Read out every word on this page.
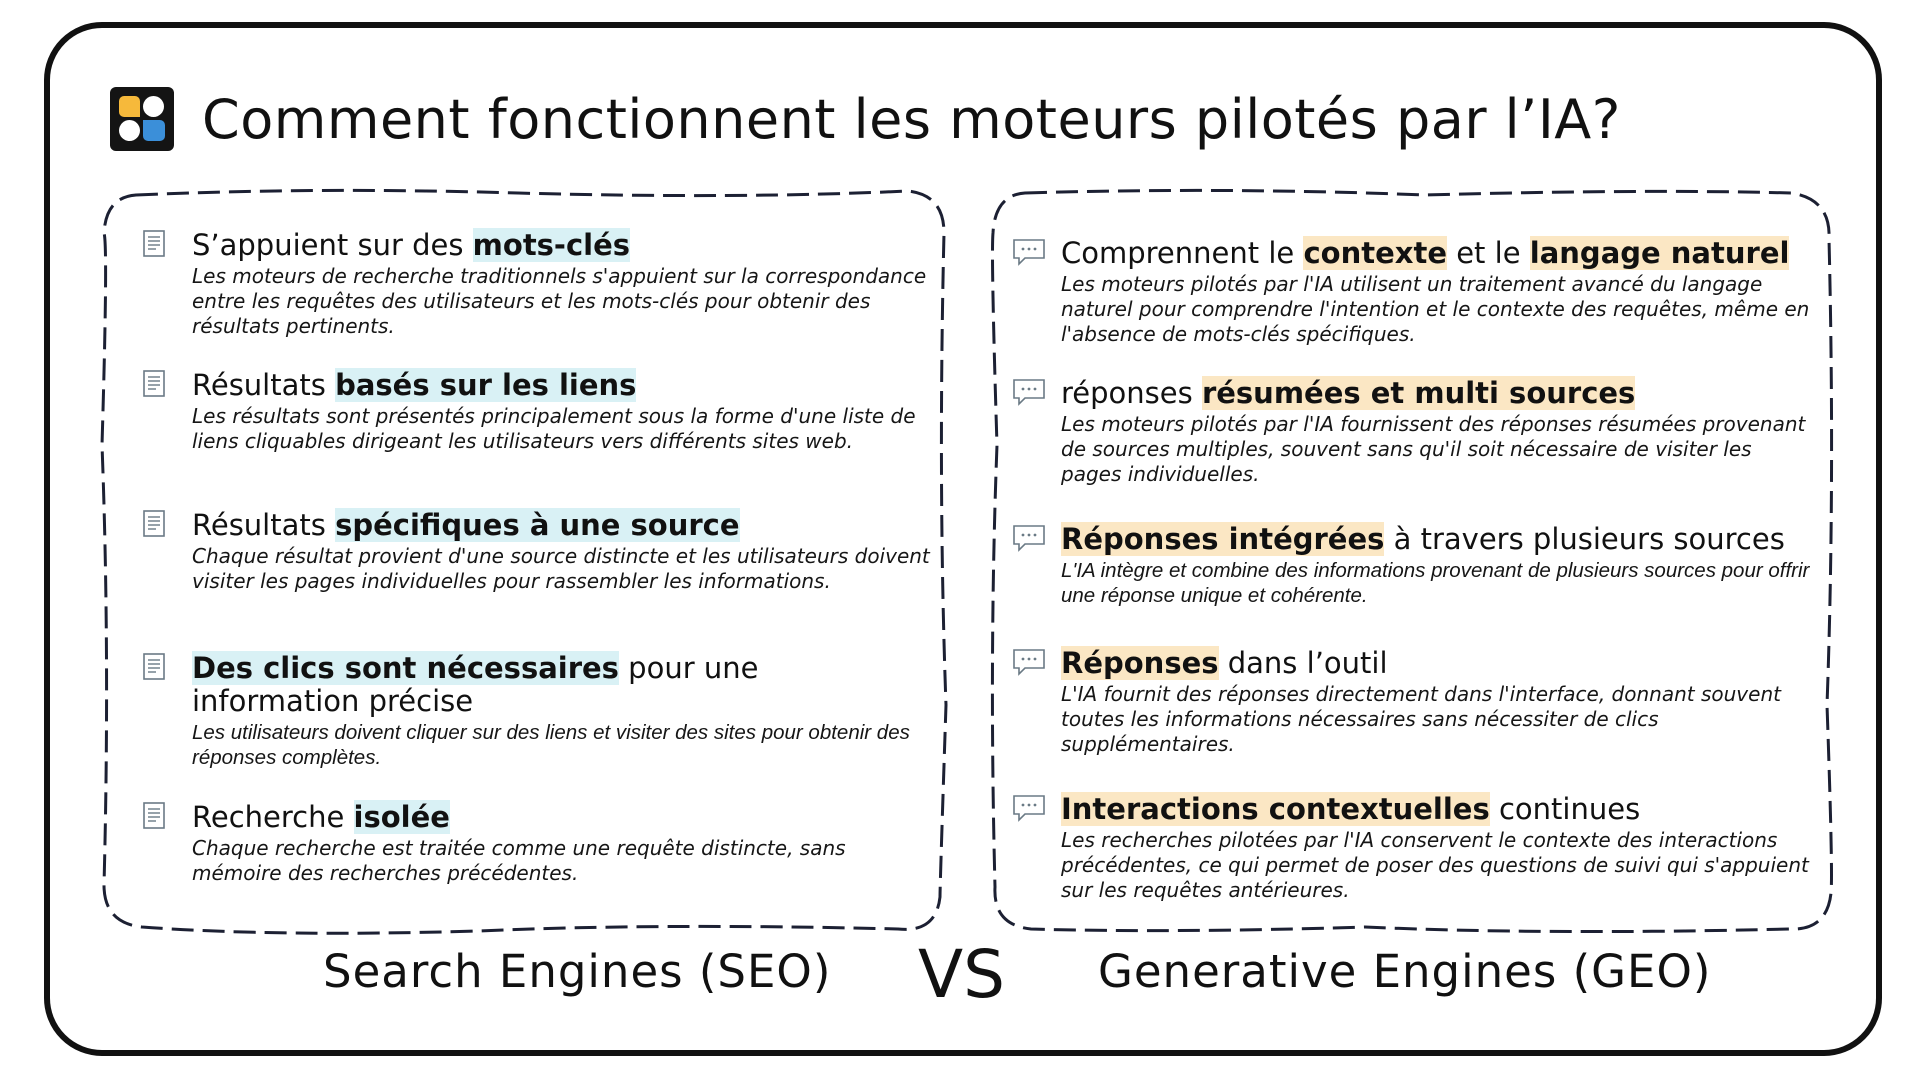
Comment fonctionnent les moteurs pilotés par l’IA?
S’appuient sur des mots-clés
Les moteurs de recherche traditionnels s'appuient sur la correspondance entre les requêtes des utilisateurs et les mots-clés pour obtenir des résultats pertinents.
Résultats basés sur les liens
Les résultats sont présentés principalement sous la forme d'une liste de liens cliquables dirigeant les utilisateurs vers différents sites web.
Résultats spécifiques à une source
Chaque résultat provient d'une source distincte et les utilisateurs doivent visiter les pages individuelles pour rassembler les informations.
Des clics sont nécessaires pour une information précise
Les utilisateurs doivent cliquer sur des liens et visiter des sites pour obtenir des réponses complètes.
Recherche isolée
Chaque recherche est traitée comme une requête distincte, sans mémoire des recherches précédentes.
Comprennent le contexte et le langage naturel
Les moteurs pilotés par l'IA utilisent un traitement avancé du langage naturel pour comprendre l'intention et le contexte des requêtes, même en l'absence de mots-clés spécifiques.
réponses résumées et multi sources
Les moteurs pilotés par l'IA fournissent des réponses résumées provenant de sources multiples, souvent sans qu'il soit nécessaire de visiter les pages individuelles.
Réponses intégrées à travers plusieurs sources
L'IA intègre et combine des informations provenant de plusieurs sources pour offrir une réponse unique et cohérente.
Réponses dans l’outil
L'IA fournit des réponses directement dans l'interface, donnant souvent toutes les informations nécessaires sans nécessiter de clics supplémentaires.
Interactions contextuelles continues
Les recherches pilotées par l'IA conservent le contexte des interactions précédentes, ce qui permet de poser des questions de suivi qui s'appuient sur les requêtes antérieures.
Search Engines (SEO) VS Generative Engines (GEO)
